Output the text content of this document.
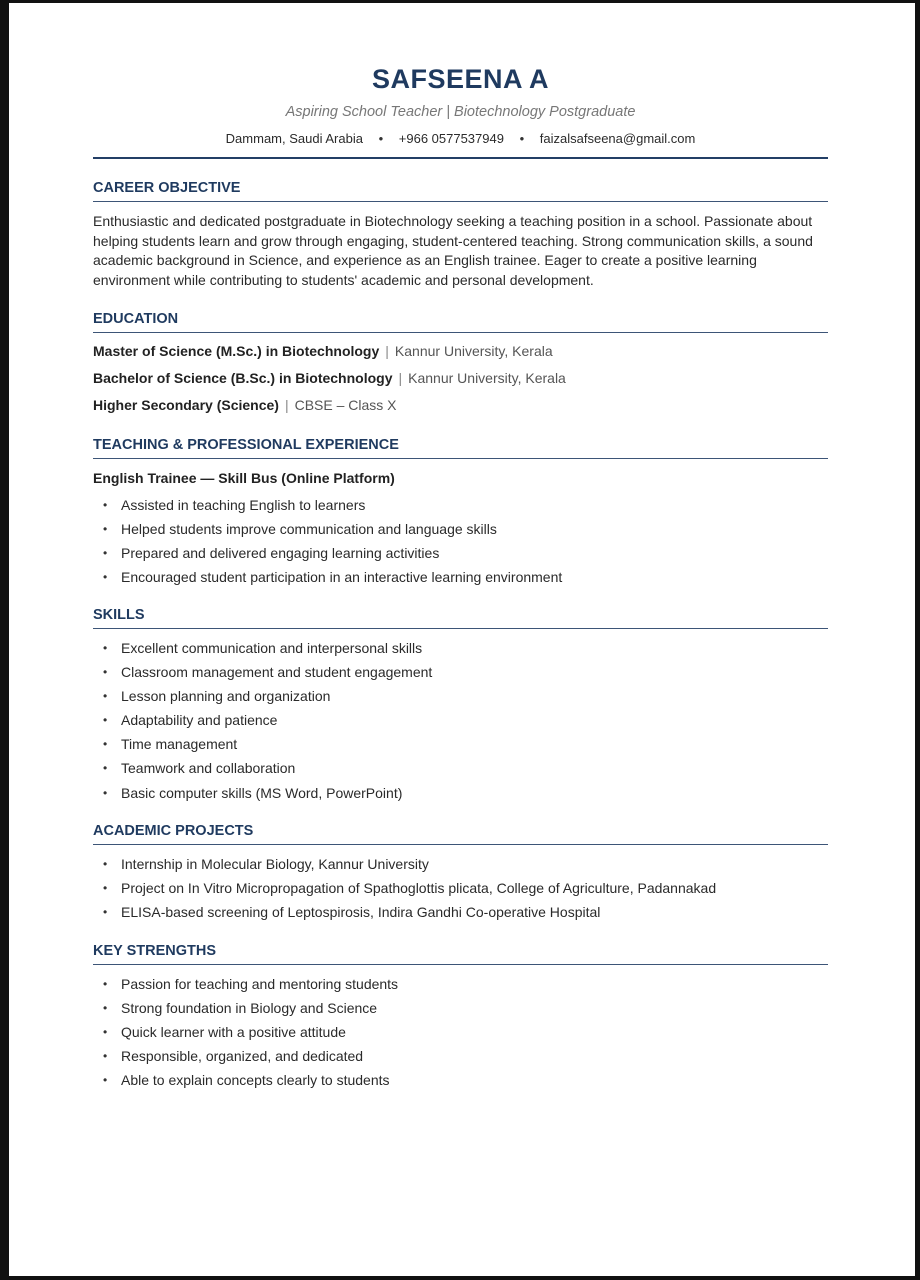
SAFSEENA A
Aspiring School Teacher | Biotechnology Postgraduate
Dammam, Saudi Arabia • +966 0577537949 • faizalsafseena@gmail.com
CAREER OBJECTIVE
Enthusiastic and dedicated postgraduate in Biotechnology seeking a teaching position in a school. Passionate about helping students learn and grow through engaging, student-centered teaching. Strong communication skills, a sound academic background in Science, and experience as an English trainee. Eager to create a positive learning environment while contributing to students' academic and personal development.
EDUCATION
Master of Science (M.Sc.) in Biotechnology | Kannur University, Kerala
Bachelor of Science (B.Sc.) in Biotechnology | Kannur University, Kerala
Higher Secondary (Science) | CBSE – Class X
TEACHING & PROFESSIONAL EXPERIENCE
English Trainee — Skill Bus (Online Platform)
• Assisted in teaching English to learners
• Helped students improve communication and language skills
• Prepared and delivered engaging learning activities
• Encouraged student participation in an interactive learning environment
SKILLS
• Excellent communication and interpersonal skills
• Classroom management and student engagement
• Lesson planning and organization
• Adaptability and patience
• Time management
• Teamwork and collaboration
• Basic computer skills (MS Word, PowerPoint)
ACADEMIC PROJECTS
• Internship in Molecular Biology, Kannur University
• Project on In Vitro Micropropagation of Spathoglottis plicata, College of Agriculture, Padannakad
• ELISA-based screening of Leptospirosis, Indira Gandhi Co-operative Hospital
KEY STRENGTHS
• Passion for teaching and mentoring students
• Strong foundation in Biology and Science
• Quick learner with a positive attitude
• Responsible, organized, and dedicated
• Able to explain concepts clearly to students
